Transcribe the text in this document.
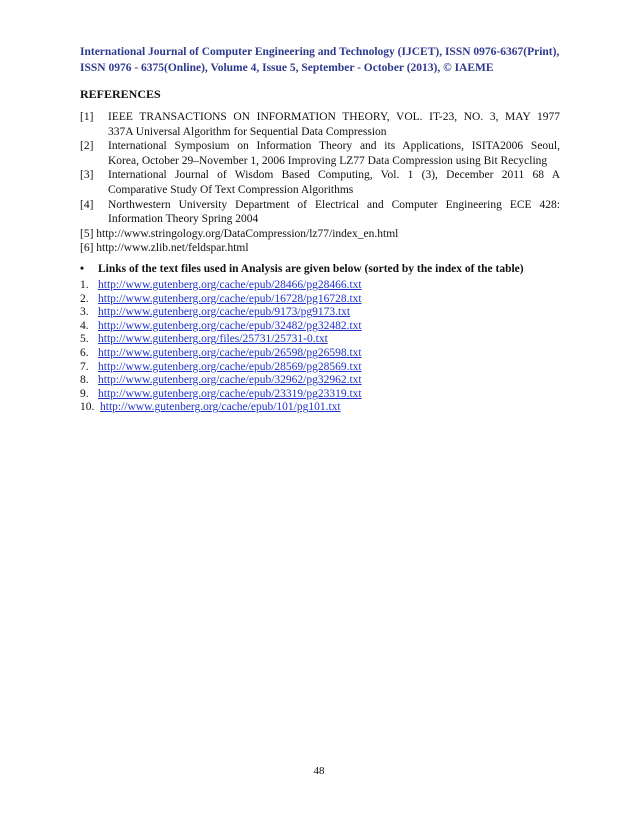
International Journal of Computer Engineering and Technology (IJCET), ISSN 0976-6367(Print),
ISSN 0976 - 6375(Online), Volume 4, Issue 5, September - October (2013), © IAEME
REFERENCES
[1]	IEEE TRANSACTIONS ON INFORMATION THEORY, VOL. IT-23, NO. 3, MAY 1977
337A Universal Algorithm for Sequential Data Compression
[2]	International Symposium on Information Theory and its Applications, ISITA2006 Seoul,
Korea, October 29–November 1, 2006 Improving LZ77 Data Compression using Bit Recycling
[3]	International Journal of Wisdom Based Computing, Vol. 1 (3), December 2011 68 A
Comparative Study Of Text Compression Algorithms
[4]	Northwestern University Department of Electrical and Computer Engineering ECE 428:
Information Theory Spring 2004
[5] http://www.stringology.org/DataCompression/lz77/index_en.html
[6] http://www.zlib.net/feldspar.html
• Links of the text files used in Analysis are given below (sorted by the index of the table)
1. http://www.gutenberg.org/cache/epub/28466/pg28466.txt
2. http://www.gutenberg.org/cache/epub/16728/pg16728.txt
3. http://www.gutenberg.org/cache/epub/9173/pg9173.txt
4. http://www.gutenberg.org/cache/epub/32482/pg32482.txt
5. http://www.gutenberg.org/files/25731/25731-0.txt
6. http://www.gutenberg.org/cache/epub/26598/pg26598.txt
7. http://www.gutenberg.org/cache/epub/28569/pg28569.txt
8. http://www.gutenberg.org/cache/epub/32962/pg32962.txt
9. http://www.gutenberg.org/cache/epub/23319/pg23319.txt
10. http://www.gutenberg.org/cache/epub/101/pg101.txt
48
